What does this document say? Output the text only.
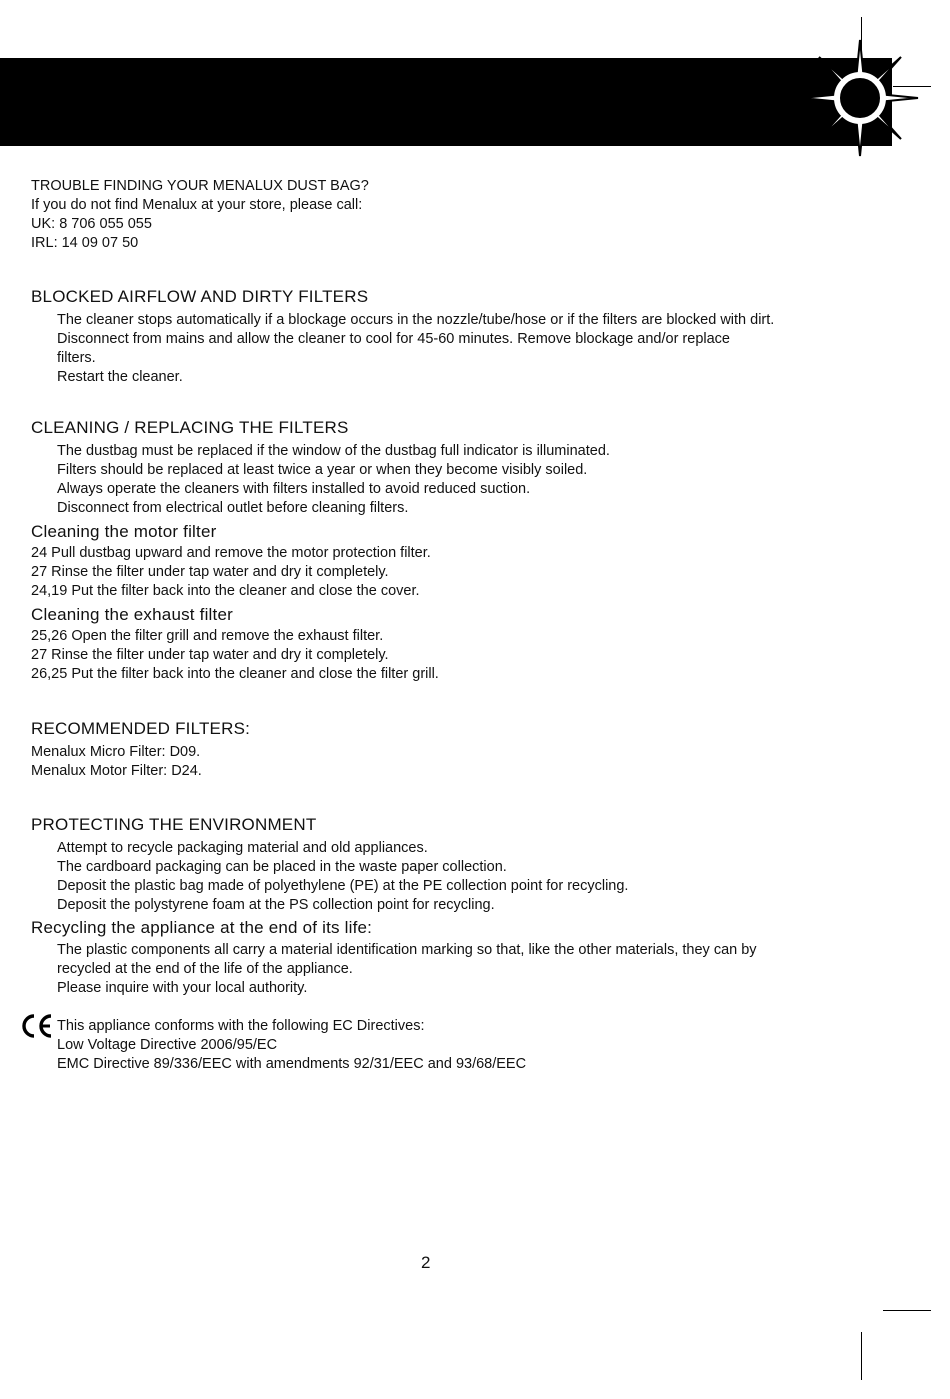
TROUBLE FINDING YOUR MENALUX DUST BAG?
If you do not find Menalux at your store, please call:
UK: 8 706 055 055
IRL: 14 09 07 50
BLOCKED AIRFLOW AND DIRTY FILTERS
The cleaner stops automatically if a blockage occurs in the nozzle/tube/hose or if the filters are blocked with dirt.
Disconnect from mains and allow the cleaner to cool for 45-60 minutes. Remove blockage and/or replace
filters.
Restart the cleaner.
CLEANING / REPLACING THE FILTERS
The dustbag must be replaced if the window of the dustbag full indicator is illuminated.
Filters should be replaced at least twice a year or when they become visibly soiled.
Always operate the cleaners with filters installed to avoid reduced suction.
Disconnect from electrical outlet before cleaning filters.
Cleaning the motor filter
24 Pull dustbag upward and remove the motor protection filter.
27 Rinse the filter under tap water and dry it completely.
24,19 Put the filter back into the cleaner and close the cover.
Cleaning the exhaust filter
25,26 Open the filter grill and remove the exhaust filter.
27 Rinse the filter under tap water and dry it completely.
26,25 Put the filter back into the cleaner and close the filter grill.
RECOMMENDED FILTERS:
Menalux Micro Filter: D09.
Menalux Motor Filter: D24.
PROTECTING THE ENVIRONMENT
Attempt to recycle packaging material and old appliances.
The cardboard packaging can be placed in the waste paper collection.
Deposit the plastic bag made of polyethylene (PE) at the PE collection point for recycling.
Deposit the polystyrene foam at the PS collection point for recycling.
Recycling the appliance at the end of its life:
The plastic components all carry a material identification marking so that, like the other materials, they can by
recycled at the end of the life of the appliance.
Please inquire with your local authority.
This appliance conforms with the following EC Directives:
Low Voltage Directive 2006/95/EC
EMC Directive 89/336/EEC with amendments 92/31/EEC and 93/68/EEC
2
